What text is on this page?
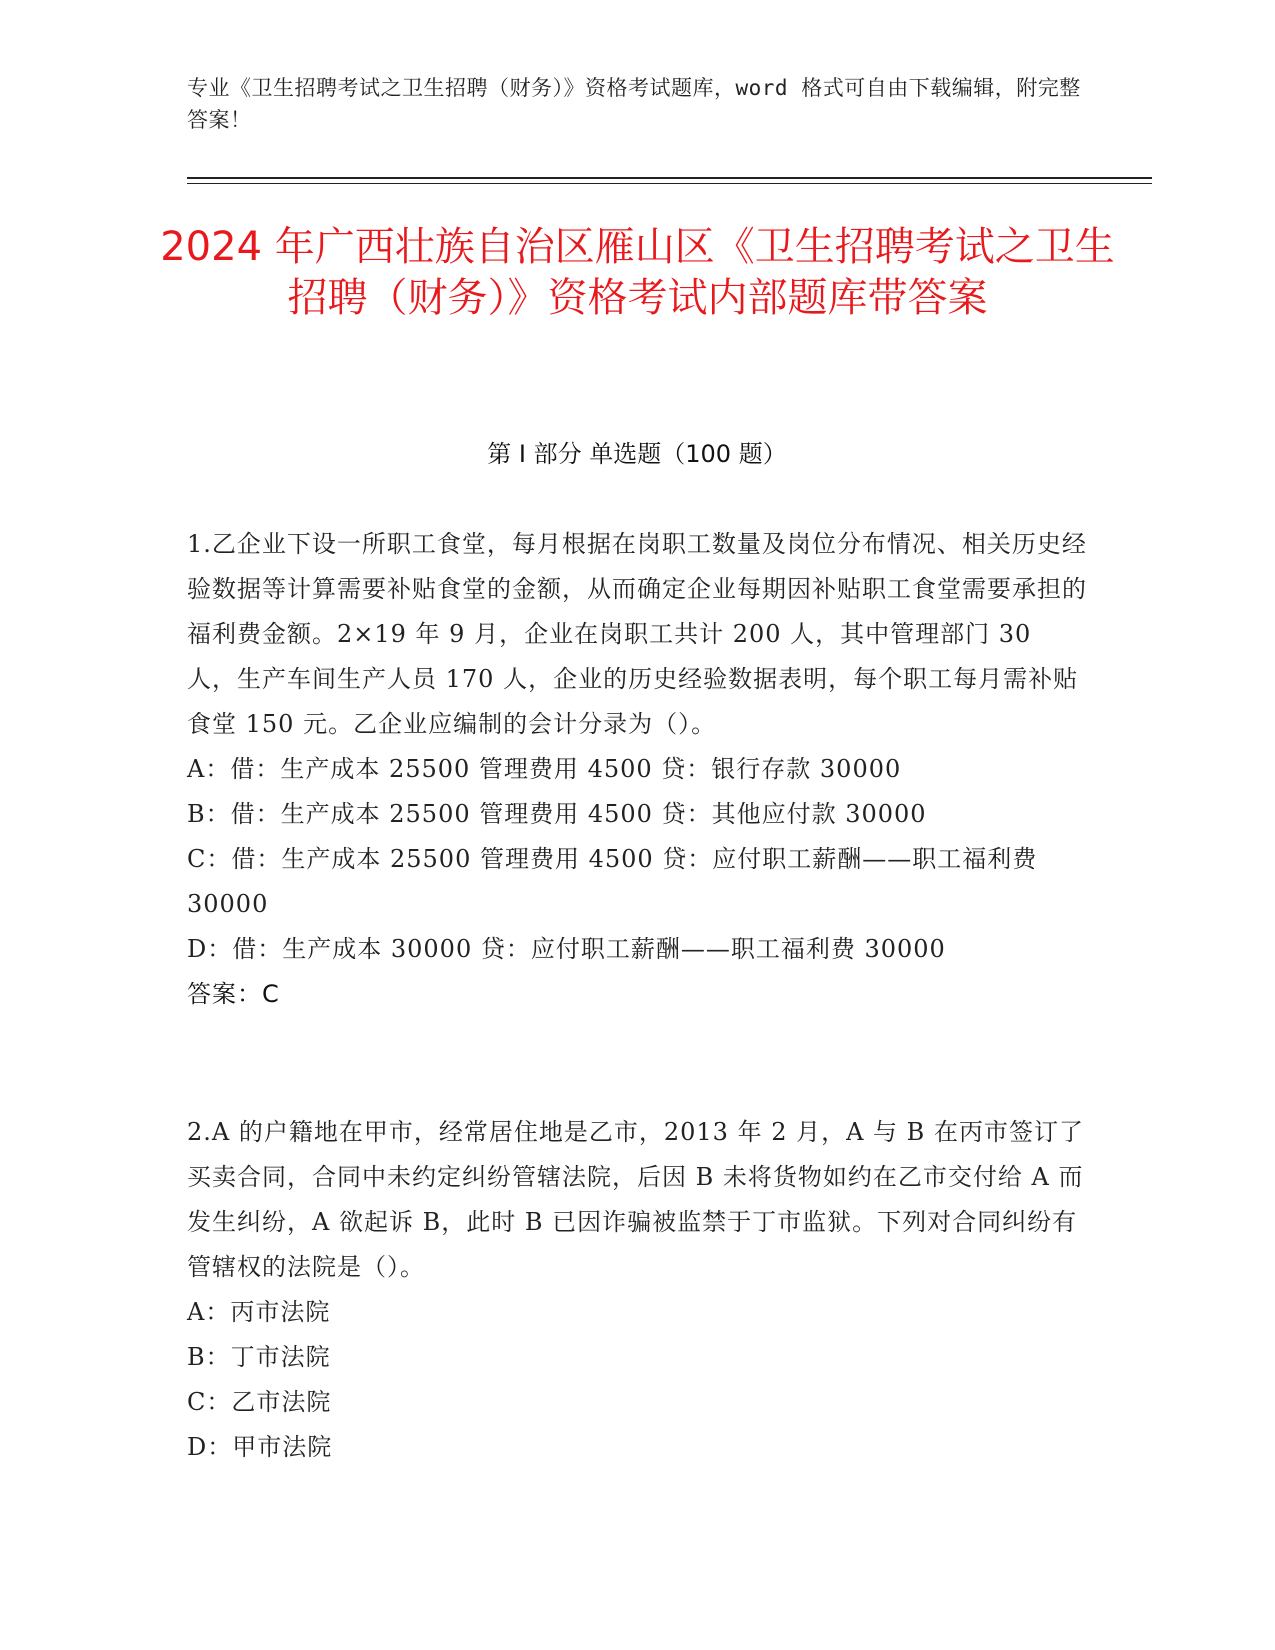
专业《卫生招聘考试之卫生招聘（财务）》资格考试题库，word 格式可自由下载编辑，附完整答案！
2024 年广西壮族自治区雁山区《卫生招聘考试之卫生招聘（财务）》资格考试内部题库带答案
第 I 部分 单选题（100 题）

1.乙企业下设一所职工食堂，每月根据在岗职工数量及岗位分布情况、相关历史经验数据等计算需要补贴食堂的金额，从而确定企业每期因补贴职工食堂需要承担的福利费金额。2×19 年 9 月，企业在岗职工共计 200 人，其中管理部门 30 人，生产车间生产人员 170 人，企业的历史经验数据表明，每个职工每月需补贴食堂 150 元。乙企业应编制的会计分录为（）。

A：借：生产成本 25500 管理费用 4500 贷：银行存款 30000

B：借：生产成本 25500 管理费用 4500 贷：其他应付款 30000

C：借：生产成本 25500 管理费用 4500 贷：应付职工薪酬——职工福利费 30000

D：借：生产成本 30000 贷：应付职工薪酬——职工福利费 30000

答案：C

2.A 的户籍地在甲市，经常居住地是乙市，2013 年 2 月，A 与 B 在丙市签订了买卖合同，合同中未约定纠纷管辖法院，后因 B 未将货物如约在乙市交付给 A 而发生纠纷，A 欲起诉 B，此时 B 已因诈骗被监禁于丁市监狱。下列对合同纠纷有管辖权的法院是（）。

A：丙市法院

B：丁市法院

C：乙市法院

D：甲市法院
